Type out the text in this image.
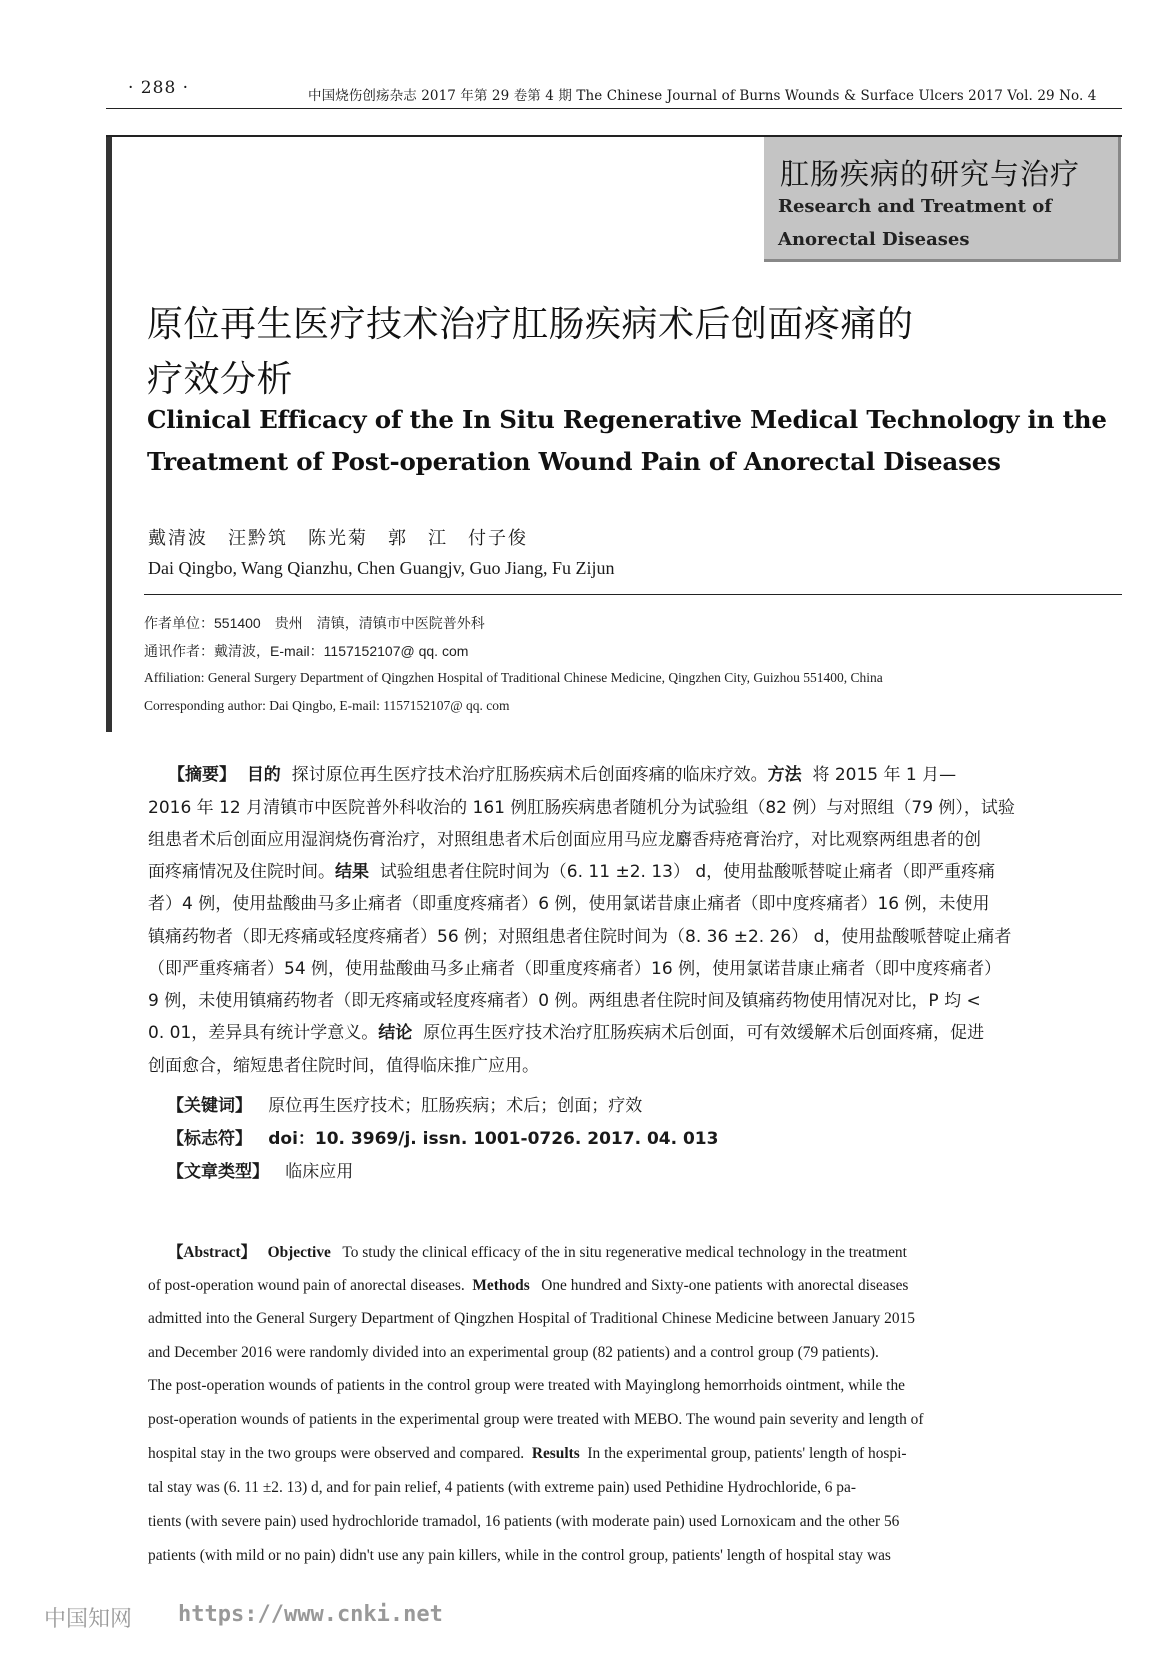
· 288 ·	中国烧伤创疡杂志 2017 年第 29 卷第 4 期 The Chinese Journal of Burns Wounds & Surface Ulcers 2017 Vol. 29 No. 4
肛肠疾病的研究与治疗
Research and Treatment of
Anorectal Diseases
原位再生医疗技术治疗肛肠疾病术后创面疼痛的
疗效分析
Clinical Efficacy of the In Situ Regenerative Medical Technology in the
Treatment of Post-operation Wound Pain of Anorectal Diseases
戴清波　汪黔筑　陈光菊　郭　江　付子俊
Dai Qingbo, Wang Qianzhu, Chen Guangjv, Guo Jiang, Fu Zijun
作者单位：551400　贵州　清镇，清镇市中医院普外科
通讯作者：戴清波，E-mail：1157152107@ qq. com
Affiliation: General Surgery Department of Qingzhen Hospital of Traditional Chinese Medicine, Qingzhen City, Guizhou 551400, China
Corresponding author: Dai Qingbo, E-mail: 1157152107@ qq. com
【摘要】 目的 探讨原位再生医疗技术治疗肛肠疾病术后创面疼痛的临床疗效。方法 将 2015 年 1 月—
2016 年 12 月清镇市中医院普外科收治的 161 例肛肠疾病患者随机分为试验组（82 例）与对照组（79 例），试验
组患者术后创面应用湿润烧伤膏治疗，对照组患者术后创面应用马应龙麝香痔疮膏治疗，对比观察两组患者的创
面疼痛情况及住院时间。结果 试验组患者住院时间为（6. 11 ±2. 13） d，使用盐酸哌替啶止痛者（即严重疼痛
者）4 例，使用盐酸曲马多止痛者（即重度疼痛者）6 例，使用氯诺昔康止痛者（即中度疼痛者）16 例，未使用
镇痛药物者（即无疼痛或轻度疼痛者）56 例；对照组患者住院时间为（8. 36 ±2. 26） d，使用盐酸哌替啶止痛者
（即严重疼痛者）54 例，使用盐酸曲马多止痛者（即重度疼痛者）16 例，使用氯诺昔康止痛者（即中度疼痛者）
9 例，未使用镇痛药物者（即无疼痛或轻度疼痛者）0 例。两组患者住院时间及镇痛药物使用情况对比，P 均 <
0. 01，差异具有统计学意义。结论 原位再生医疗技术治疗肛肠疾病术后创面，可有效缓解术后创面疼痛，促进
创面愈合，缩短患者住院时间，值得临床推广应用。
【关键词】 原位再生医疗技术；肛肠疾病；术后；创面；疗效
【标志符】 doi：10. 3969/j. issn. 1001-0726. 2017. 04. 013
【文章类型】 临床应用
【Abstract】 Objective To study the clinical efficacy of the in situ regenerative medical technology in the treatment
of post-operation wound pain of anorectal diseases. Methods One hundred and Sixty-one patients with anorectal diseases
admitted into the General Surgery Department of Qingzhen Hospital of Traditional Chinese Medicine between January 2015
and December 2016 were randomly divided into an experimental group (82 patients) and a control group (79 patients).
The post-operation wounds of patients in the control group were treated with Mayinglong hemorrhoids ointment, while the
post-operation wounds of patients in the experimental group were treated with MEBO. The wound pain severity and length of
hospital stay in the two groups were observed and compared. Results In the experimental group, patients' length of hospi-
tal stay was (6. 11 ±2. 13) d, and for pain relief, 4 patients (with extreme pain) used Pethidine Hydrochloride, 6 pa-
tients (with severe pain) used hydrochloride tramadol, 16 patients (with moderate pain) used Lornoxicam and the other 56
patients (with mild or no pain) didn't use any pain killers, while in the control group, patients' length of hospital stay was
中国知网 https://www.cnki.net
